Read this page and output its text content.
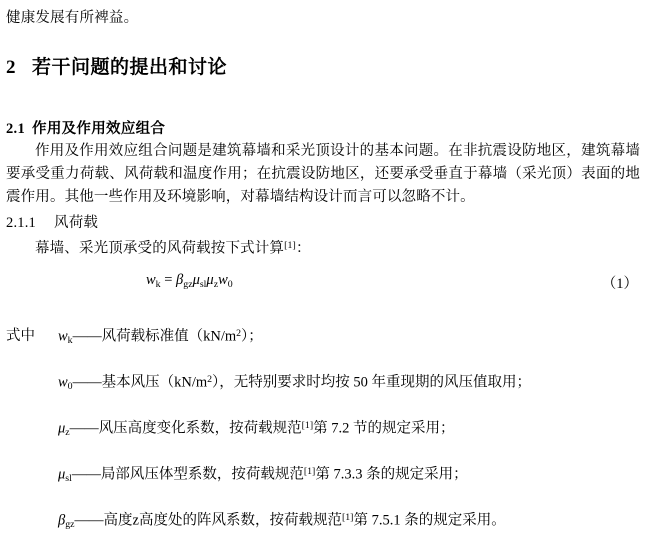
健康发展有所裨益。
2 若干问题的提出和讨论
2.1 作用及作用效应组合
作用及作用效应组合问题是建筑幕墙和采光顶设计的基本问题。在非抗震设防地区，建筑幕墙要承受重力荷载、风荷载和温度作用；在抗震设防地区，还要承受垂直于幕墙（采光顶）表面的地震作用。其他一些作用及环境影响，对幕墙结构设计而言可以忽略不计。
2.1.1 风荷载
幕墙、采光顶承受的风荷载按下式计算[1]：
$w_k = \beta_{gz}\mu_{sl}\mu_zw_0$	（1）
式中 $w_k——$风荷载标准值$(kN/m^2)$；
$w_0——$基本风压$(kN/m^2)$，无特别要求时均按 50 年重现期的风压值取用；
$\mu_z——$风压高度变化系数，按荷载规范[1]第 7.2 节的规定采用；
$\mu_{sl}——$局部风压体型系数，按荷载规范[1]第 7.3.3 条的规定采用；
$\beta_{gz}——$高度z高度处的阵风系数，按荷载规范[1]第 7.5.1 条的规定采用。
